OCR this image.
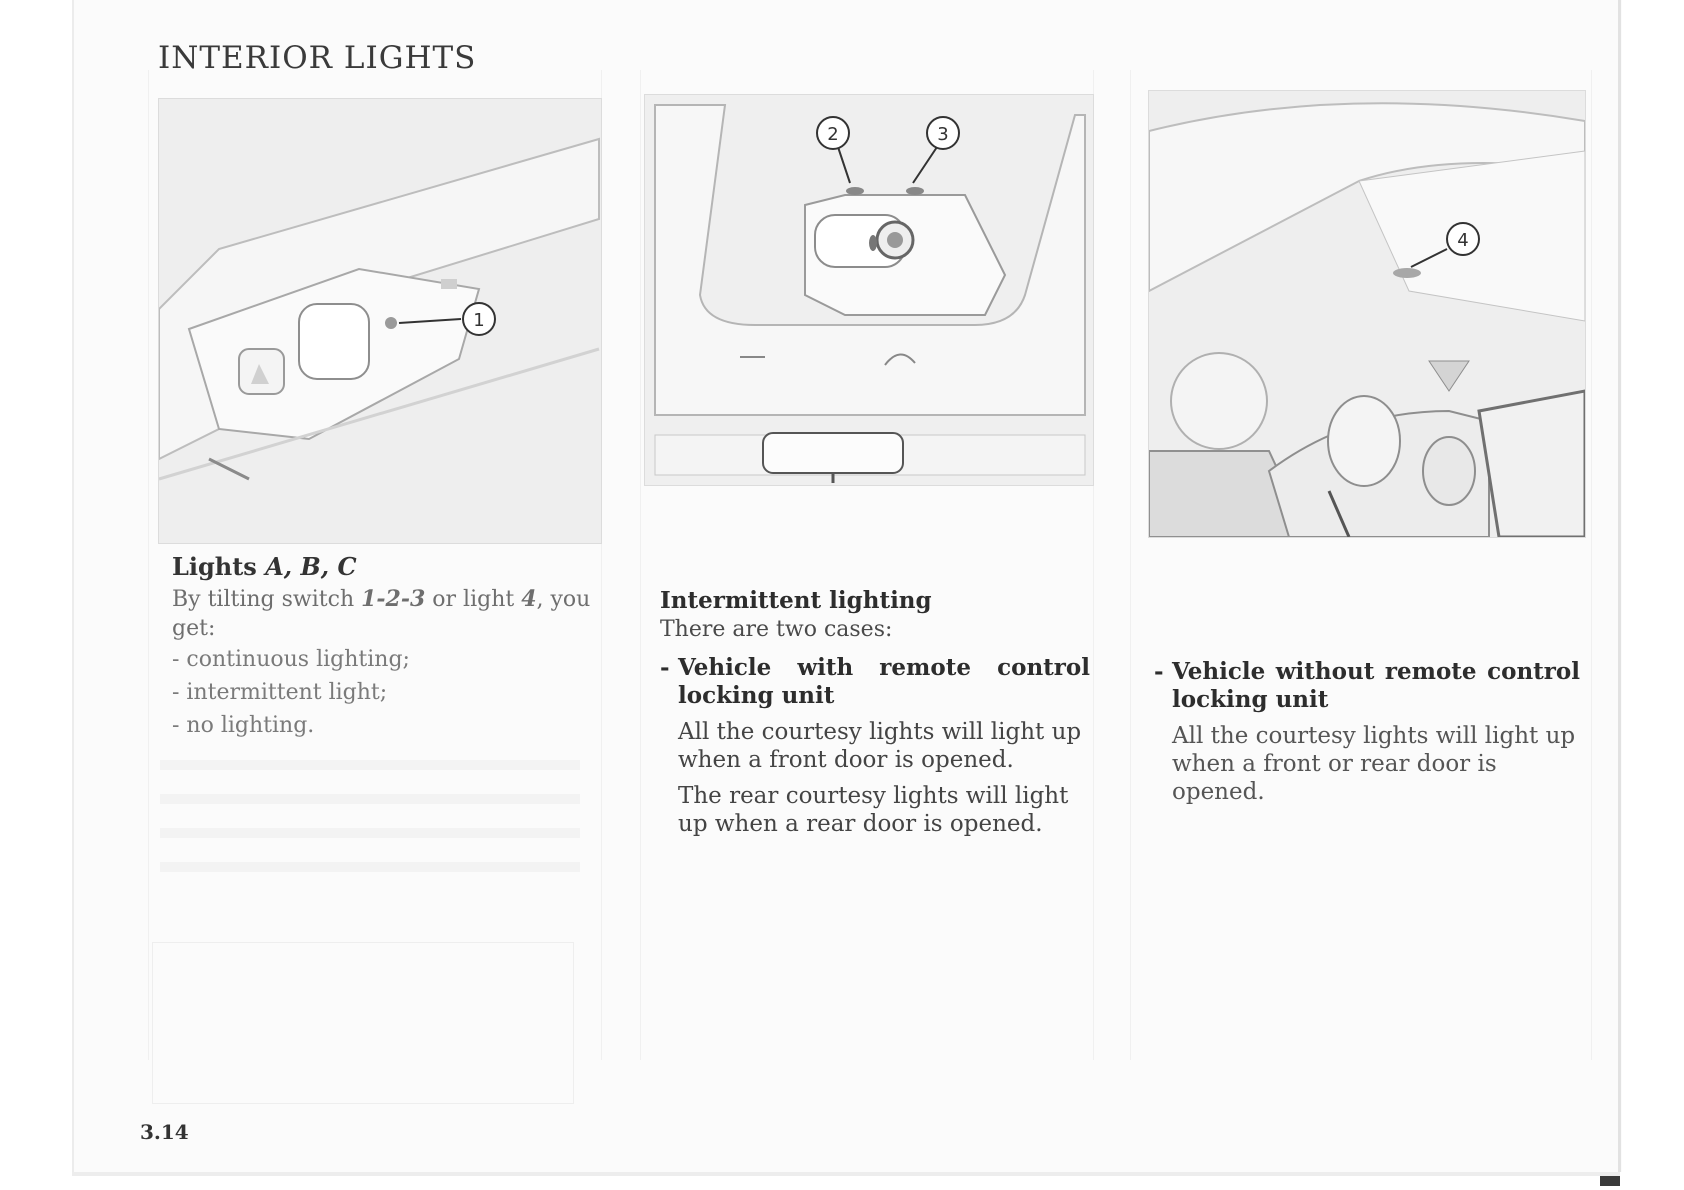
INTERIOR LIGHTS
1
2	3
4

Lights A, B, C

By tilting switch 1-2-3 or light 4, you get:

- continuous lighting;
- intermittent light;
- no lighting.

Intermittent lighting

There are two cases:

- Vehicle with remote control locking unit

All the courtesy lights will light up when a front door is opened.

The rear courtesy lights will light up when a rear door is opened.

- Vehicle without remote control locking unit

All the courtesy lights will light up when a front or rear door is opened.

3.14
